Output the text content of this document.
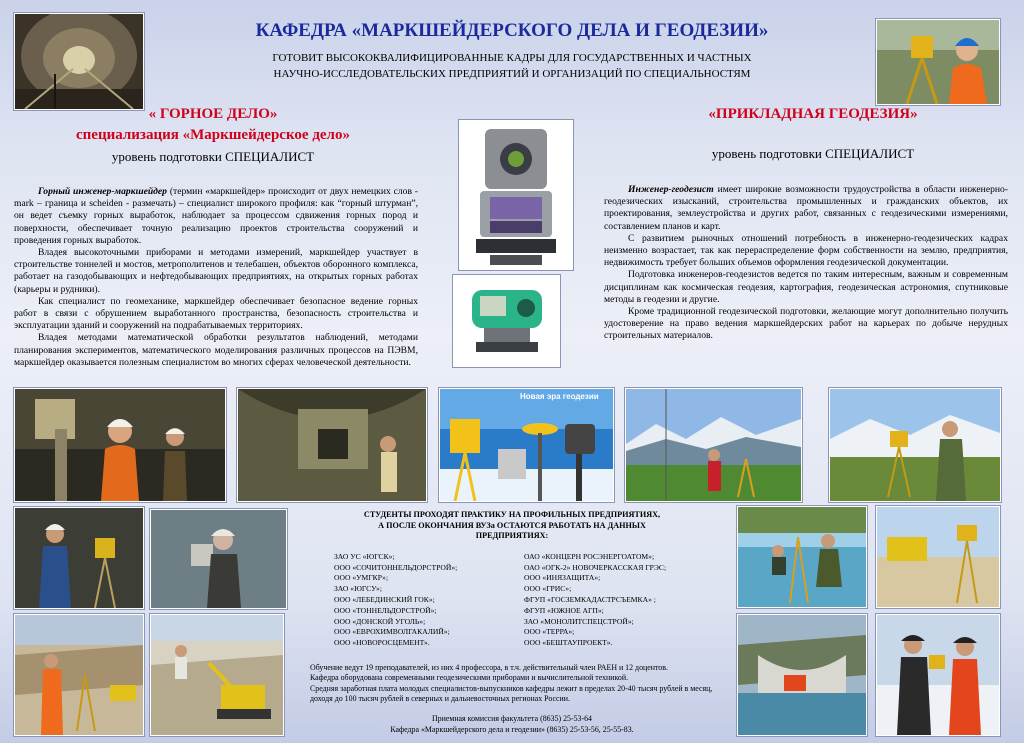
КАФЕДРА «МАРКШЕЙДЕРСКОГО ДЕЛА И ГЕОДЕЗИИ»
ГОТОВИТ ВЫСОКОКВАЛИФИЦИРОВАННЫЕ КАДРЫ ДЛЯ ГОСУДАРСТВЕННЫХ И ЧАСТНЫХ
НАУЧНО-ИССЛЕДОВАТЕЛЬСКИХ ПРЕДПРИЯТИЙ И ОРГАНИЗАЦИЙ ПО СПЕЦИАЛЬНОСТЯМ
« ГОРНОЕ ДЕЛО»
специализация «Маркшейдерское дело»
уровень подготовки СПЕЦИАЛИСТ

Горный инженер-маркшейдер (термин «маркшейдер» происходит от двух немецких слов - mark – граница и scheiden - размечать) – специалист широкого профиля: как “горный штурман”, он ведет съемку горных выработок, наблюдает за процессом сдвижения горных пород и поверхности, обеспечивает точную реализацию проектов строительства сооружений и проведения горных выработок.

Владея высокоточными приборами и методами измерений, маркшейдер участвует в строительстве тоннелей и мостов, метрополитенов и телебашен, объектов оборонного комплекса, работает на газодобывающих и нефтедобывающих предприятиях, на открытых горных работах (карьеры и рудники).

Как специалист по геомеханике, маркшейдер обеспечивает безопасное ведение горных работ в связи с обрушением выработанного пространства, безопасность строительства и эксплуатации зданий и сооружений на подрабатываемых территориях.

Владея методами математической обработки результатов наблюдений, методами планирования экспериментов, математического моделирования различных процессов на ПЭВМ, маркшейдер оказывается полезным специалистом во многих сферах человеческой деятельности.

«ПРИКЛАДНАЯ ГЕОДЕЗИЯ»
уровень подготовки СПЕЦИАЛИСТ

Инженер-геодезист имеет широкие возможности трудоустройства в области инженерно-геодезических изысканий, строительства промышленных и гражданских объектов, их проектирования, землеустройства и других работ, связанных с геодезическими измерениями, составлением планов и карт.

С развитием рыночных отношений потребность в инженерно-геодезических кадрах неизменно возрастает, так как перераспределение форм собственности на землю, предприятия, недвижимость требует больших объемов оформления геодезической документации.

Подготовка инженеров-геодезистов ведется по таким интересным, важным и современным дисциплинам как космическая геодезия, картография, геодезическая астрономия, спутниковые методы в геодезии и другие.

Кроме традиционной геодезической подготовки, желающие могут дополнительно получить удостоверение на право ведения маркшейдерских работ на карьерах по добыче нерудных строительных материалов.

Новая эра геодезии
СТУДЕНТЫ ПРОХОДЯТ ПРАКТИКУ НА ПРОФИЛЬНЫХ ПРЕДПРИЯТИЯХ,
А ПОСЛЕ ОКОНЧАНИЯ ВУЗа ОСТАЮТСЯ РАБОТАТЬ НА ДАННЫХ
ПРЕДПРИЯТИЯХ:
ЗАО УС «ЮГСК»;
ООО «СОЧИТОННЕЛЬДОРСТРОЙ»;
ООО «УМГКР»;
ЗАО «ЮГСУ»;
ООО «ЛЕБЕДИНСКИЙ ГОК»;
ООО «ТОННЕЛЬДОРСТРОЙ»;
ООО «ДОНСКОЙ УГОЛЬ»;
ООО «ЕВРОХИМВОЛГАКАЛИЙ»;
ООО «НОВОРОСЦЕМЕНТ».
ОАО «КОНЦЕРН РОСЭНЕРГОАТОМ»;
ОАО «ОГК-2» НОВОЧЕРКАССКАЯ ГРЭС;
ООО «ИНЯЗАЩИТА»;
ООО «ГРИС»;
ФГУП «ГОСЗЕМКАДАСТРСЪЕМКА» ;
ФГУП «ЮЖНОЕ АГП»;
ЗАО «МОНОЛИТСПЕЦСТРОЙ»;
ООО «ТЕРРА»;
ООО «БЕШТАУПРОЕКТ».
Обучение ведут 19 преподавателей, из них 4 профессора, в т.ч. действительный член РАЕН и 12 доцентов.
Кафедра оборудована современными геодезическими приборами и вычислительной техникой.
Средняя заработная плата молодых специалистов-выпускников кафедры лежит в пределах 20-40 тысяч рублей в месяц, доходя до 100 тысяч рублей в северных и дальневосточных регионах России.
Приемная комиссия факультета (8635) 25-53-64
Кафедра «Маркшейдерского дела и геодезии» (8635) 25-53-56, 25-55-83.
